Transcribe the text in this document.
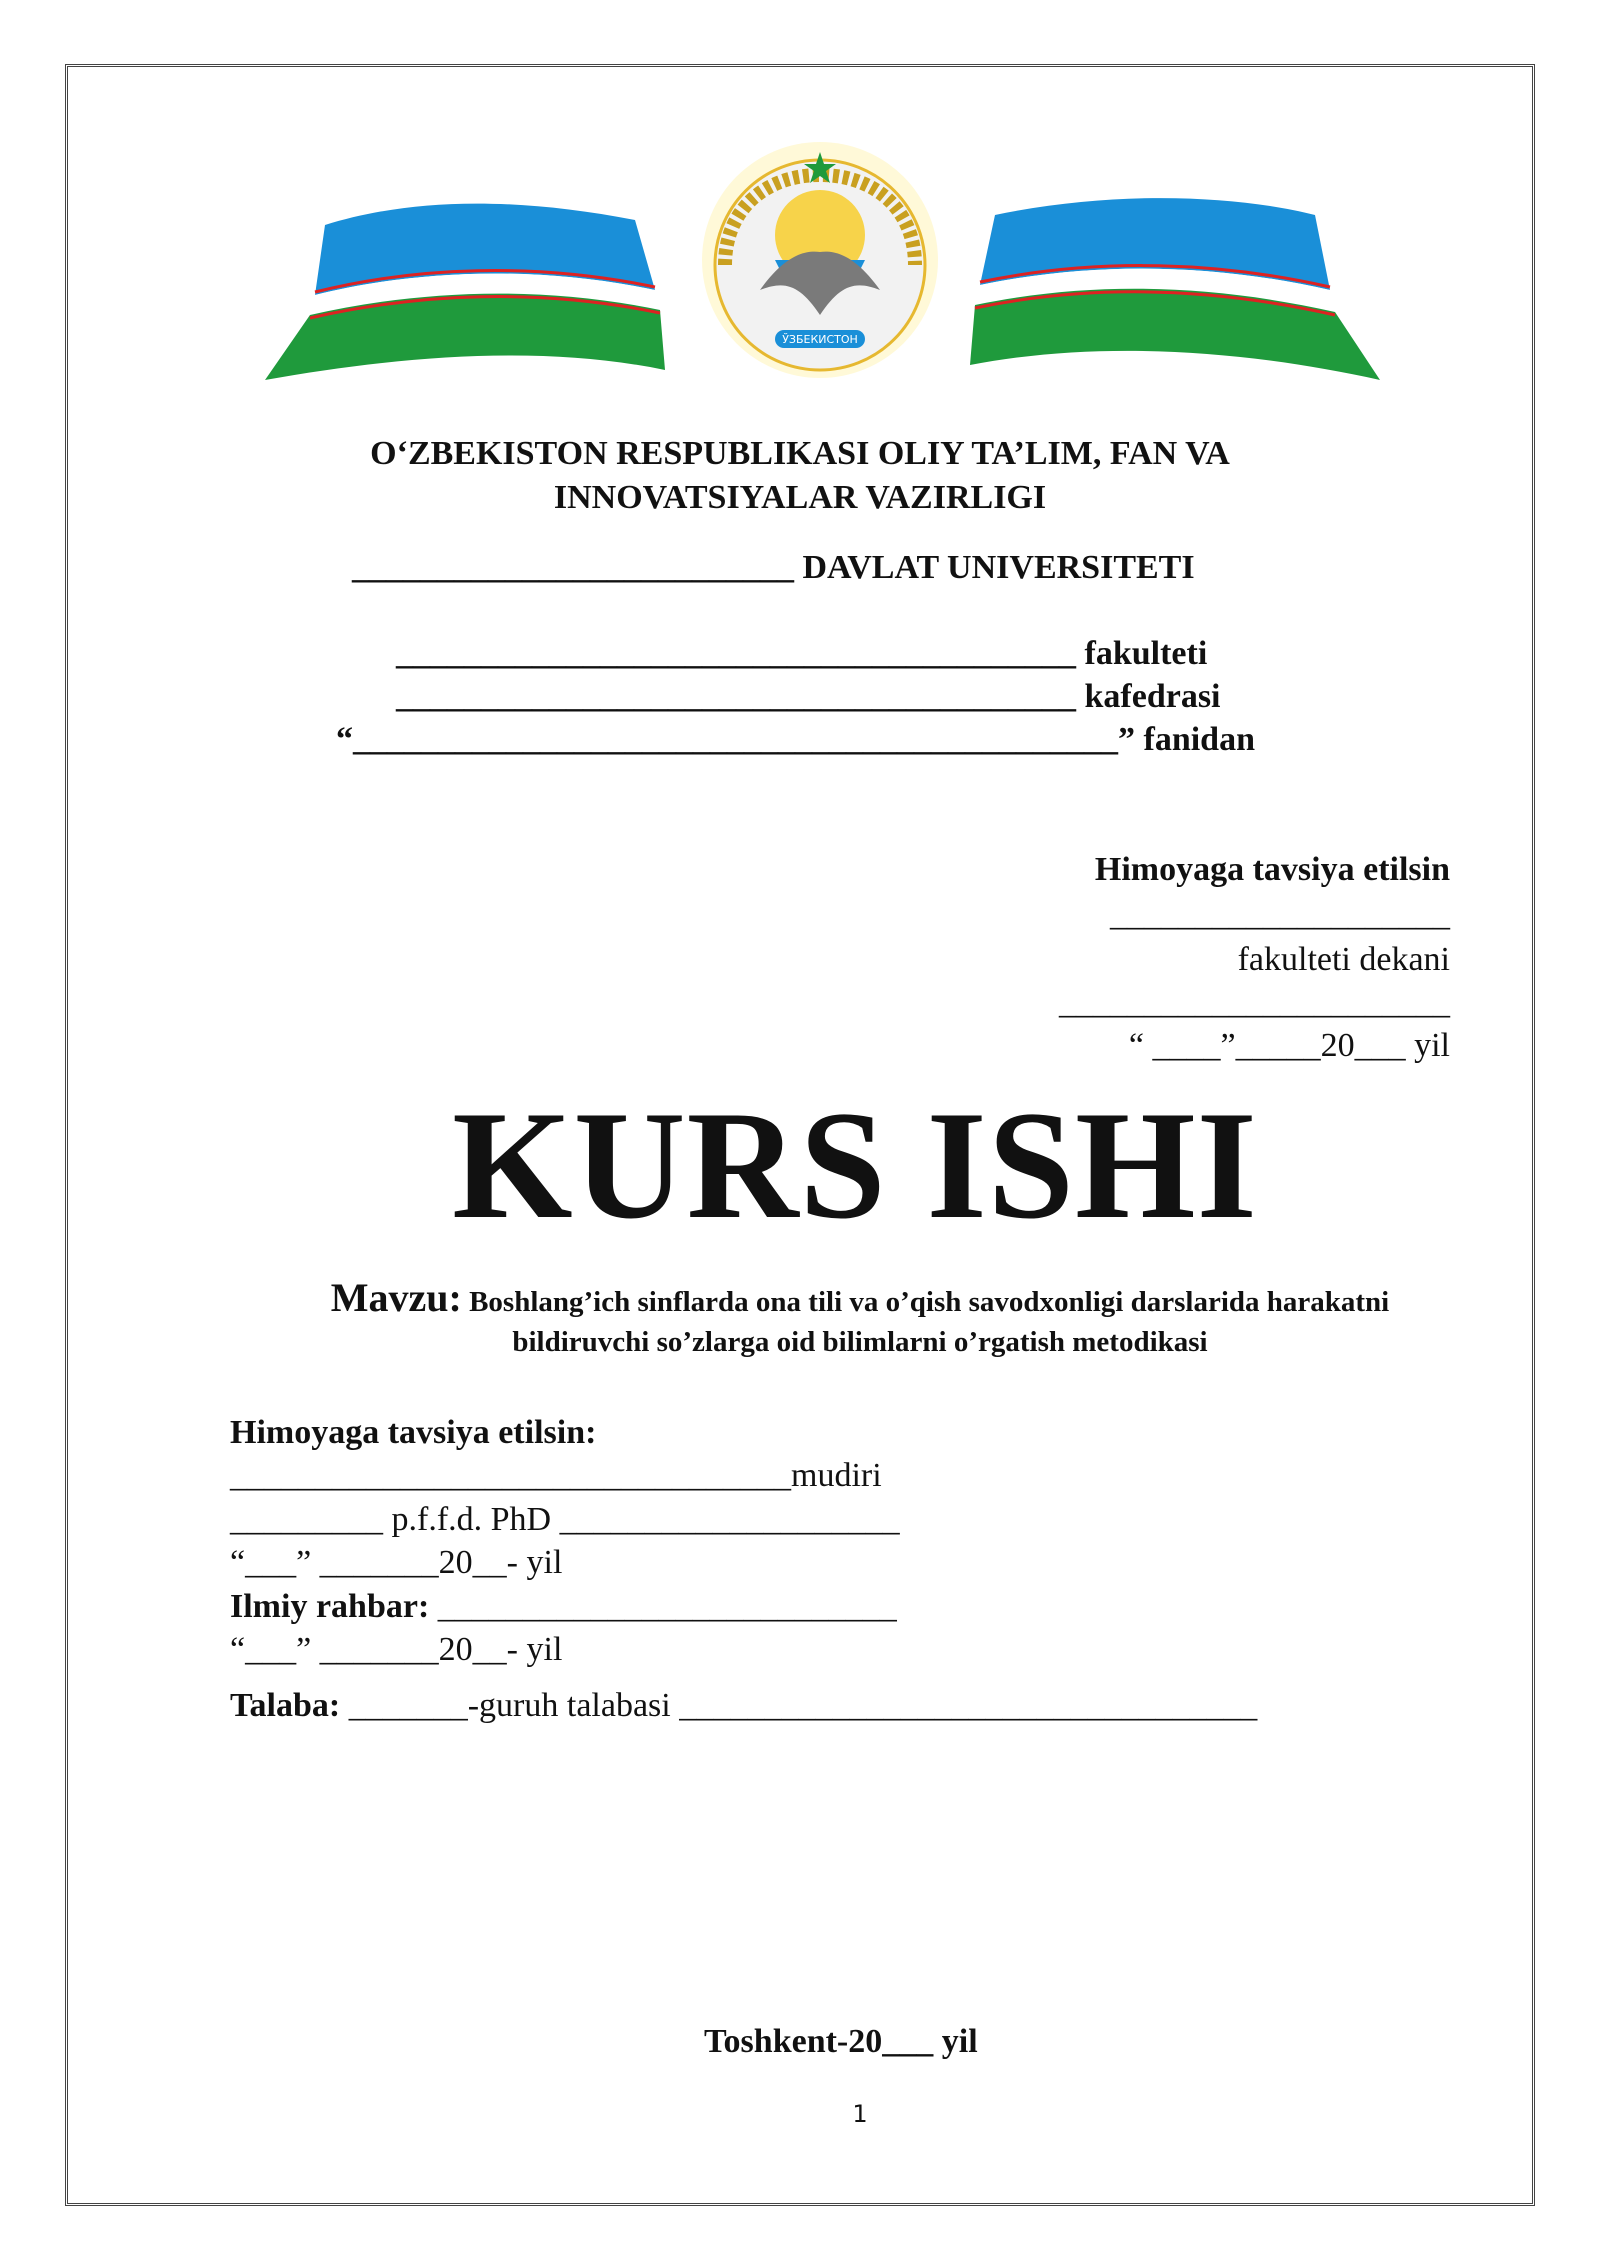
ЎЗБЕКИСТОН
O‘ZBEKISTON RESPUBLIKASI OLIY TA’LIM, FAN VA
INNOVATSIYALAR VAZIRLIGI
__________________________ DAVLAT UNIVERSITETI
________________________________________ fakulteti
________________________________________ kafedrasi
“_____________________________________________” fanidan
Himoyaga tavsiya etilsin
____________________
fakulteti dekani
_______________________
“ ____”_____20___ yil
KURS ISHI
Mavzu: Boshlang’ich sinflarda ona tili va o’qish savodxonligi darslarida harakatni bildiruvchi so’zlarga oid bilimlarni o’rgatish metodikasi
Himoyaga tavsiya etilsin:
_________________________________mudiri
_________ p.f.f.d. PhD ____________________
“___” _______20__- yil
Ilmiy rahbar: ___________________________
“___” _______20__- yil
Talaba: _______-guruh talabasi __________________________________
Toshkent-20___ yil
1
